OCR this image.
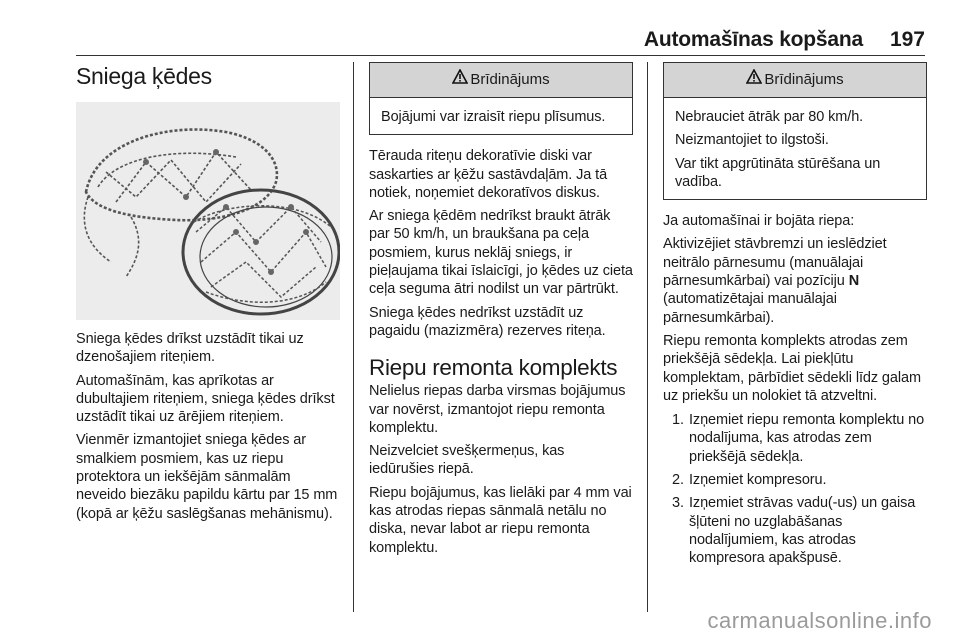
Automašīnas kopšana 197
Sniega ķēdes

Sniega ķēdes drīkst uzstādīt tikai uz dzenošajiem riteņiem.

Automašīnām, kas aprīkotas ar dubultajiem riteņiem, sniega ķēdes drīkst uzstādīt tikai uz ārējiem riteņiem.

Vienmēr izmantojiet sniega ķēdes ar smalkiem posmiem, kas uz riepu protektora un iekšējām sānmalām neveido biezāku papildu kārtu par 15 mm (kopā ar ķēžu saslēgšanas mehānismu).

Brīdinājums

Bojājumi var izraisīt riepu plīsumus.

Tērauda riteņu dekoratīvie diski var saskarties ar ķēžu sastāvdaļām. Ja tā notiek, noņemiet dekoratīvos diskus.

Ar sniega ķēdēm nedrīkst braukt ātrāk par 50 km/h, un braukšana pa ceļa posmiem, kurus neklāj sniegs, ir pieļaujama tikai īslaicīgi, jo ķēdes uz cieta ceļa seguma ātri nodilst un var pārtrūkt.

Sniega ķēdes nedrīkst uzstādīt uz pagaidu (mazizmēra) rezerves riteņa.

Riepu remonta komplekts

Nelielus riepas darba virsmas bojājumus var novērst, izmantojot riepu remonta komplektu.

Neizvelciet svešķermeņus, kas iedūrušies riepā.

Riepu bojājumus, kas lielāki par 4 mm vai kas atrodas riepas sānmalā netālu no diska, nevar labot ar riepu remonta komplektu.

Brīdinājums

Nebrauciet ātrāk par 80 km/h.

Neizmantojiet to ilgstoši.

Var tikt apgrūtināta stūrēšana un vadība.

Ja automašīnai ir bojāta riepa:

Aktivizējiet stāvbremzi un ieslēdziet neitrālo pārnesumu (manuālajai pārnesumkārbai) vai pozīciju N (automatizētajai manuālajai pārnesumkārbai).

Riepu remonta komplekts atrodas zem priekšējā sēdekļa. Lai piekļūtu komplektam, pārbīdiet sēdekli līdz galam uz priekšu un nolokiet tā atzveltni.

1. Izņemiet riepu remonta komplektu no nodalījuma, kas atrodas zem priekšējā sēdekļa.
2. Izņemiet kompresoru.
3. Izņemiet strāvas vadu(-us) un gaisa šļūteni no uzglabāšanas nodalījumiem, kas atrodas kompresora apakšpusē.
carmanualsonline.info
